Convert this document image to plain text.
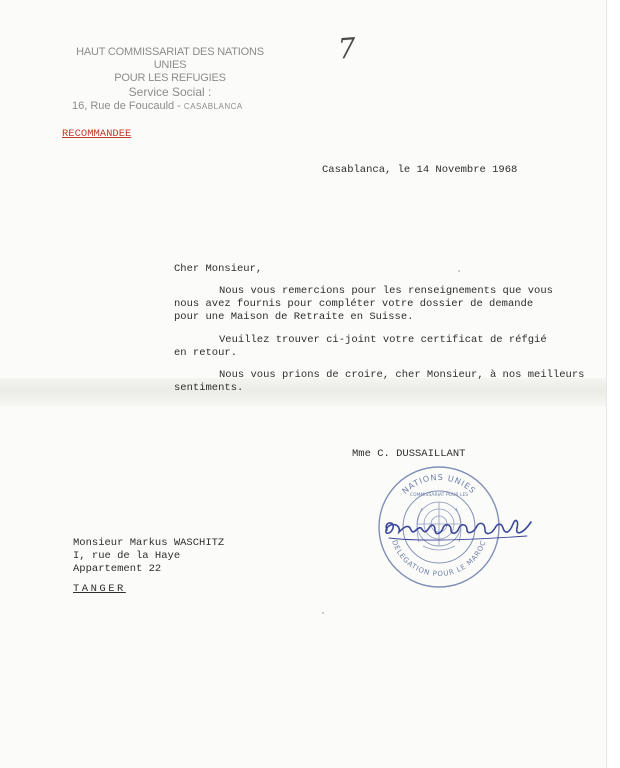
HAUT COMMISSARIAT DES NATIONS UNIES
POUR LES REFUGIES
Service Social :
16, Rue de Foucauld - CASABLANCA
7
RECOMMANDEE
Casablanca, le 14 Novembre 1968
Cher Monsieur,
Nous vous remercions pour les renseignements que vous
nous avez fournis pour compléter votre dossier de demande
pour une Maison de Retraite en Suisse.
Veuillez trouver ci-joint votre certificat de réfgié
en retour.
Nous vous prions de croire, cher Monsieur, à nos meilleurs
sentiments.
Mme C. DUSSAILLANT
NATIONS UNIES
COMMISSARIAT POUR LES
DELEGATION POUR LE MAROC
Monsieur Markus WASCHITZ
I, rue de la Haye
Appartement 22
TANGER
